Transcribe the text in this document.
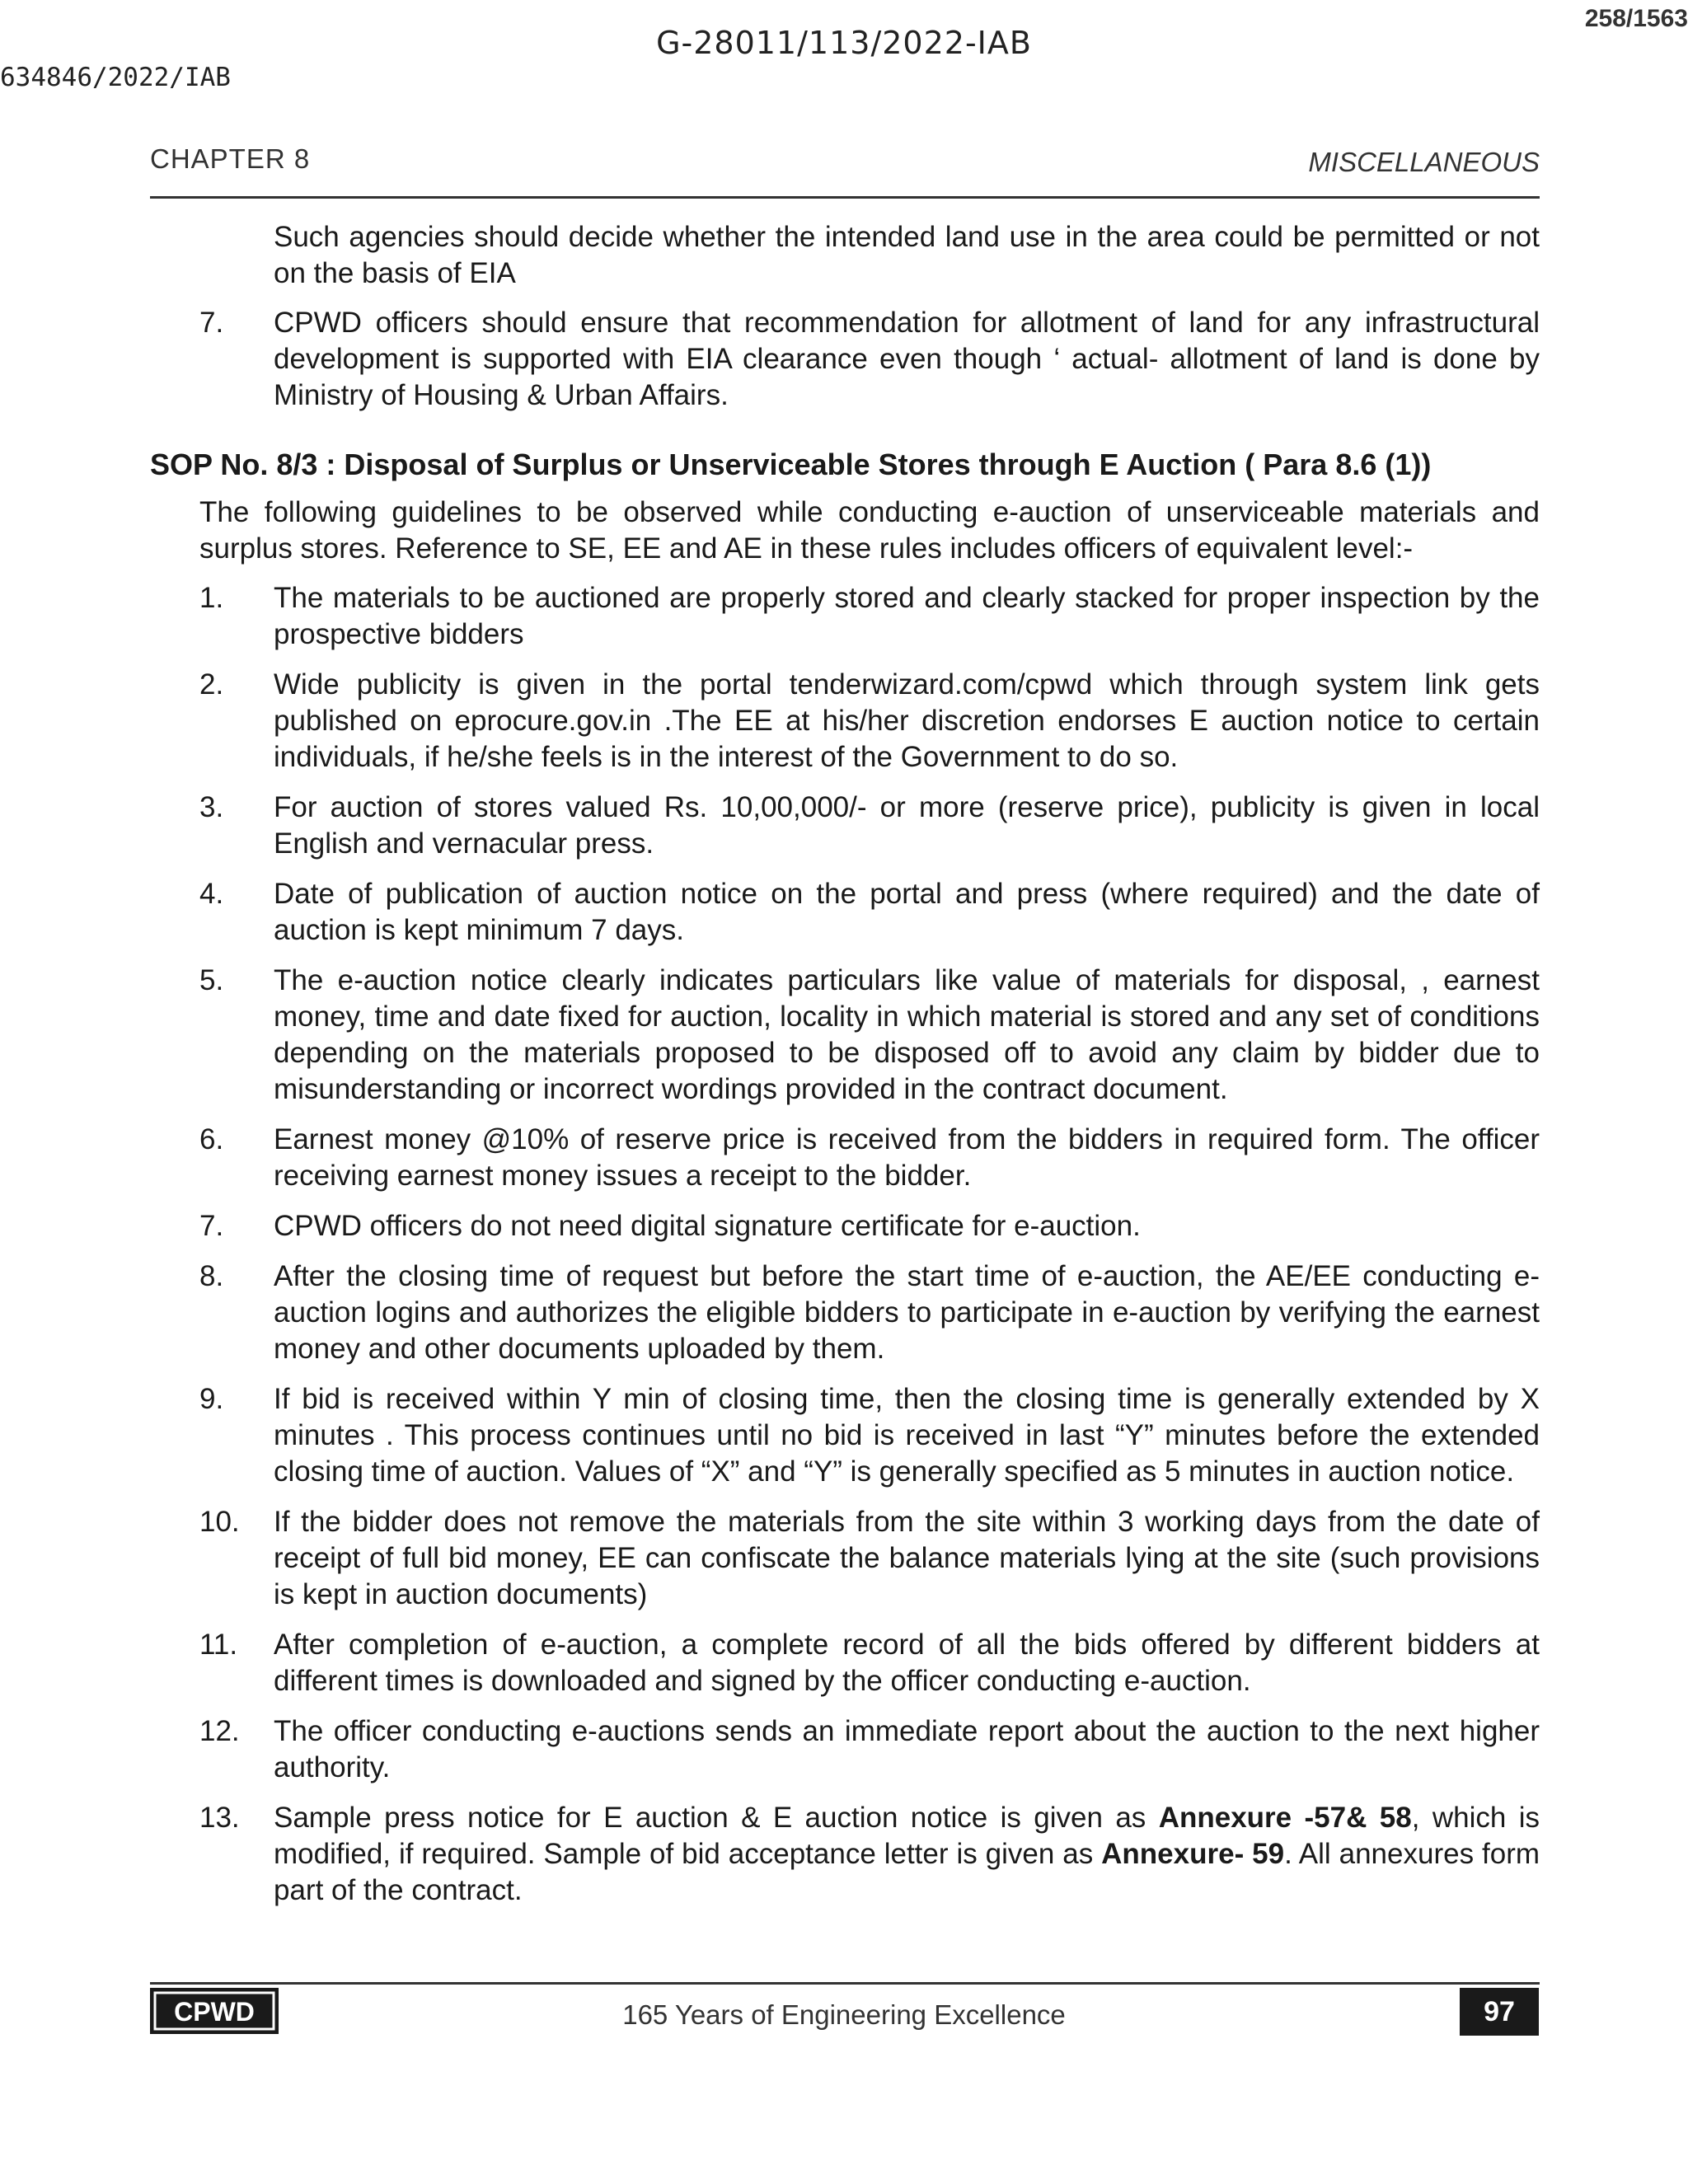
G-28011/113/2022-IAB
634846/2022/IAB
258/1563
CHAPTER 8	MISCELLANEOUS

Such agencies should decide whether the intended land use in the area could be permitted or not on the basis of EIA

7. CPWD officers should ensure that recommendation for allotment of land for any infrastructural development is supported with EIA clearance even though ‘ actual- allotment of land is done by Ministry of Housing & Urban Affairs.
SOP No. 8/3 : Disposal of Surplus or Unserviceable Stores through E Auction ( Para 8.6 (1))

The following guidelines to be observed while conducting e-auction of unserviceable materials and surplus stores. Reference to SE, EE and AE in these rules includes officers of equivalent level:-

1. The materials to be auctioned are properly stored and clearly stacked for proper inspection by the prospective bidders
2. Wide publicity is given in the portal tenderwizard.com/cpwd which through system link gets published on eprocure.gov.in .The EE at his/her discretion endorses E auction notice to certain individuals, if he/she feels is in the interest of the Government to do so.
3. For auction of stores valued Rs. 10,00,000/- or more (reserve price), publicity is given in local English and vernacular press.
4. Date of publication of auction notice on the portal and press (where required) and the date of auction is kept minimum 7 days.
5. The e-auction notice clearly indicates particulars like value of materials for disposal, , earnest money, time and date fixed for auction, locality in which material is stored and any set of conditions depending on the materials proposed to be disposed off to avoid any claim by bidder due to misunderstanding or incorrect wordings provided in the contract document.
6. Earnest money @10% of reserve price is received from the bidders in required form. The officer receiving earnest money issues a receipt to the bidder.
7. CPWD officers do not need digital signature certificate for e-auction.
8. After the closing time of request but before the start time of e-auction, the AE/EE conducting e-auction logins and authorizes the eligible bidders to participate in e-auction by verifying the earnest money and other documents uploaded by them.
9. If bid is received within Y min of closing time, then the closing time is generally extended by X minutes . This process continues until no bid is received in last “Y” minutes before the extended closing time of auction. Values of “X” and “Y” is generally specified as 5 minutes in auction notice.
10. If the bidder does not remove the materials from the site within 3 working days from the date of receipt of full bid money, EE can confiscate the balance materials lying at the site (such provisions is kept in auction documents)
11. After completion of e-auction, a complete record of all the bids offered by different bidders at different times is downloaded and signed by the officer conducting e-auction.
12. The officer conducting e-auctions sends an immediate report about the auction to the next higher authority.
13. Sample press notice for E auction & E auction notice is given as Annexure -57& 58, which is modified, if required. Sample of bid acceptance letter is given as Annexure- 59. All annexures form part of the contract.
CPWD	165 Years of Engineering Excellence	97
